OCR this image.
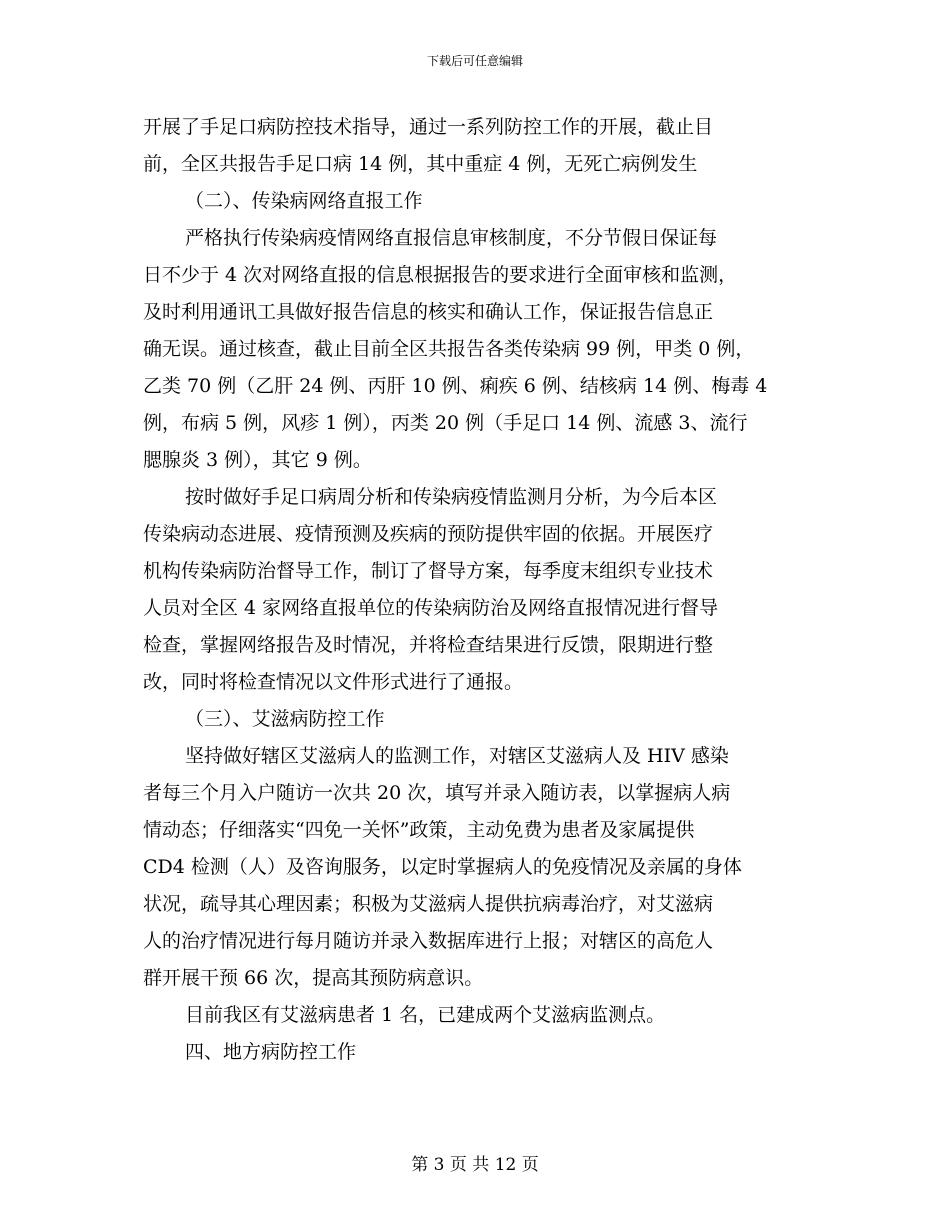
下载后可任意编辑

开展了手足口病防控技术指导，通过一系列防控工作的开展，截止目

前，全区共报告手足口病 14 例，其中重症 4 例，无死亡病例发生

（二）、传染病网络直报工作

严格执行传染病疫情网络直报信息审核制度，不分节假日保证每

日不少于 4 次对网络直报的信息根据报告的要求进行全面审核和监测，

及时利用通讯工具做好报告信息的核实和确认工作，保证报告信息正

确无误。通过核查，截止目前全区共报告各类传染病 99 例，甲类 0 例，

乙类 70 例（乙肝 24 例、丙肝 10 例、痢疾 6 例、结核病 14 例、梅毒 4

例，布病 5 例，风疹 1 例），丙类 20 例（手足口 14 例、流感 3、流行

腮腺炎 3 例），其它 9 例。

按时做好手足口病周分析和传染病疫情监测月分析，为今后本区

传染病动态进展、疫情预测及疾病的预防提供牢固的依据。开展医疗

机构传染病防治督导工作，制订了督导方案，每季度末组织专业技术

人员对全区 4 家网络直报单位的传染病防治及网络直报情况进行督导

检查，掌握网络报告及时情况，并将检查结果进行反馈，限期进行整

改，同时将检查情况以文件形式进行了通报。

（三）、艾滋病防控工作

坚持做好辖区艾滋病人的监测工作，对辖区艾滋病人及 HIV 感染

者每三个月入户随访一次共 20 次，填写并录入随访表，以掌握病人病

情动态；仔细落实“四免一关怀”政策，主动免费为患者及家属提供

CD4 检测（人）及咨询服务，以定时掌握病人的免疫情况及亲属的身体

状况，疏导其心理因素；积极为艾滋病人提供抗病毒治疗，对艾滋病

人的治疗情况进行每月随访并录入数据库进行上报；对辖区的高危人

群开展干预 66 次，提高其预防病意识。

目前我区有艾滋病患者 1 名，已建成两个艾滋病监测点。

四、地方病防控工作

第 3 页 共 12 页
